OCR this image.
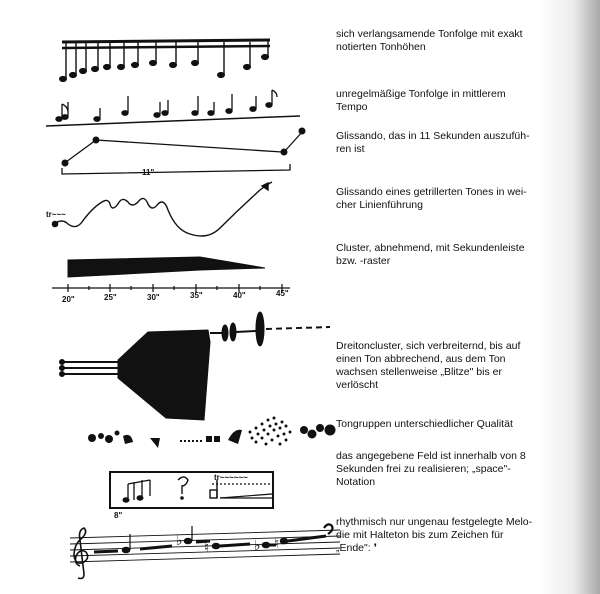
11"
tr~~~
20"	25"	30"	35"	40"	45"
tr~~~~~~
8"
♭ ♮	♭ ♮
sich verlangsamende Tonfolge mit exakt
notierten Tonhöhen
unregelmäßige Tonfolge in mittlerem
Tempo
Glissando, das in 11 Sekunden auszufüh-
ren ist
Glissando eines getrillerten Tones in wei-
cher Linienführung
Cluster, abnehmend, mit Sekundenleiste
bzw. -raster
Dreitoncluster, sich verbreiternd, bis auf
einen Ton abbrechend, aus dem Ton
wachsen stellenweise „Blitze" bis er
verlöscht
Tongruppen unterschiedlicher Qualität
das angegebene Feld ist innerhalb von 8
Sekunden frei zu realisieren; „space"-
Notation
rhythmisch nur ungenau festgelegte Melo-
die mit Halteton bis zum Zeichen für
„Ende": ❜
